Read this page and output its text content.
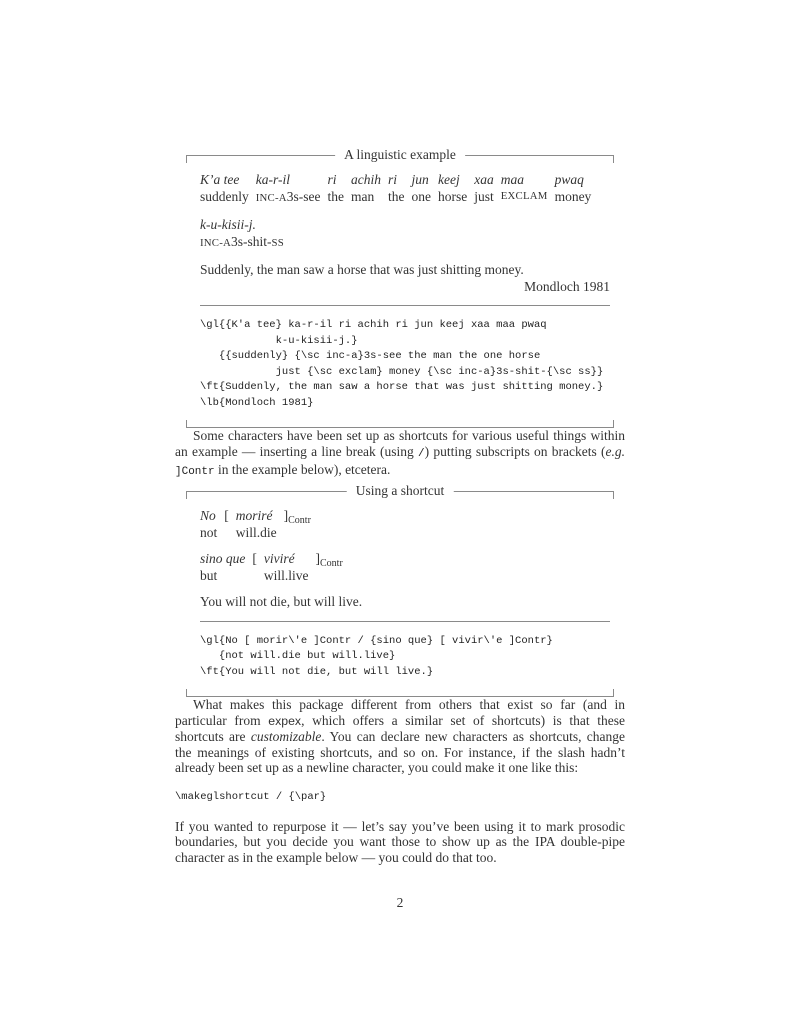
A linguistic example
K’a tee
suddenly
ka-r-il
INC-A3s-see
ri
the
achih
man
ri
the
jun
one
keej
horse
xaa
just
maa
EXCLAM
pwaq
money
k-u-kisii-j.
INC-A3s-shit-SS
Suddenly, the man saw a horse that was just shitting money.
Mondloch 1981
\gl{{K'a tee} ka-r-il ri achih ri jun keej xaa maa pwaq
k-u-kisii-j.}
{{suddenly} {\sc inc-a}3s-see the man the one horse
just {\sc exclam} money {\sc inc-a}3s-shit-{\sc ss}}
\ft{Suddenly, the man saw a horse that was just shitting money.}
\lb{Mondloch 1981}

Some characters have been set up as shortcuts for various useful things within an example — inserting a line break (using /) putting subscripts on brackets (e.g. ]Contr in the example below), etcetera.

Using a shortcut
No
not
[ moriré
will.die
]$_{Contr}$
sino que
but
[ viviré
will.live
]$_{Contr}$
You will not die, but will live.
\gl{No [ morir\'e ]Contr / {sino que} [ vivir\'e ]Contr}
{not will.die but will.live}
\ft{You will not die, but will live.}

What makes this package different from others that exist so far (and in particular from expex, which offers a similar set of shortcuts) is that these shortcuts are customizable. You can declare new characters as shortcuts, change the meanings of existing shortcuts, and so on. For instance, if the slash hadn’t already been set up as a newline character, you could make it one like this:

\makeglshortcut / {\par}

If you wanted to repurpose it — let’s say you’ve been using it to mark prosodic boundaries, but you decide you want those to show up as the IPA double-pipe character as in the example below — you could do that too.

2
